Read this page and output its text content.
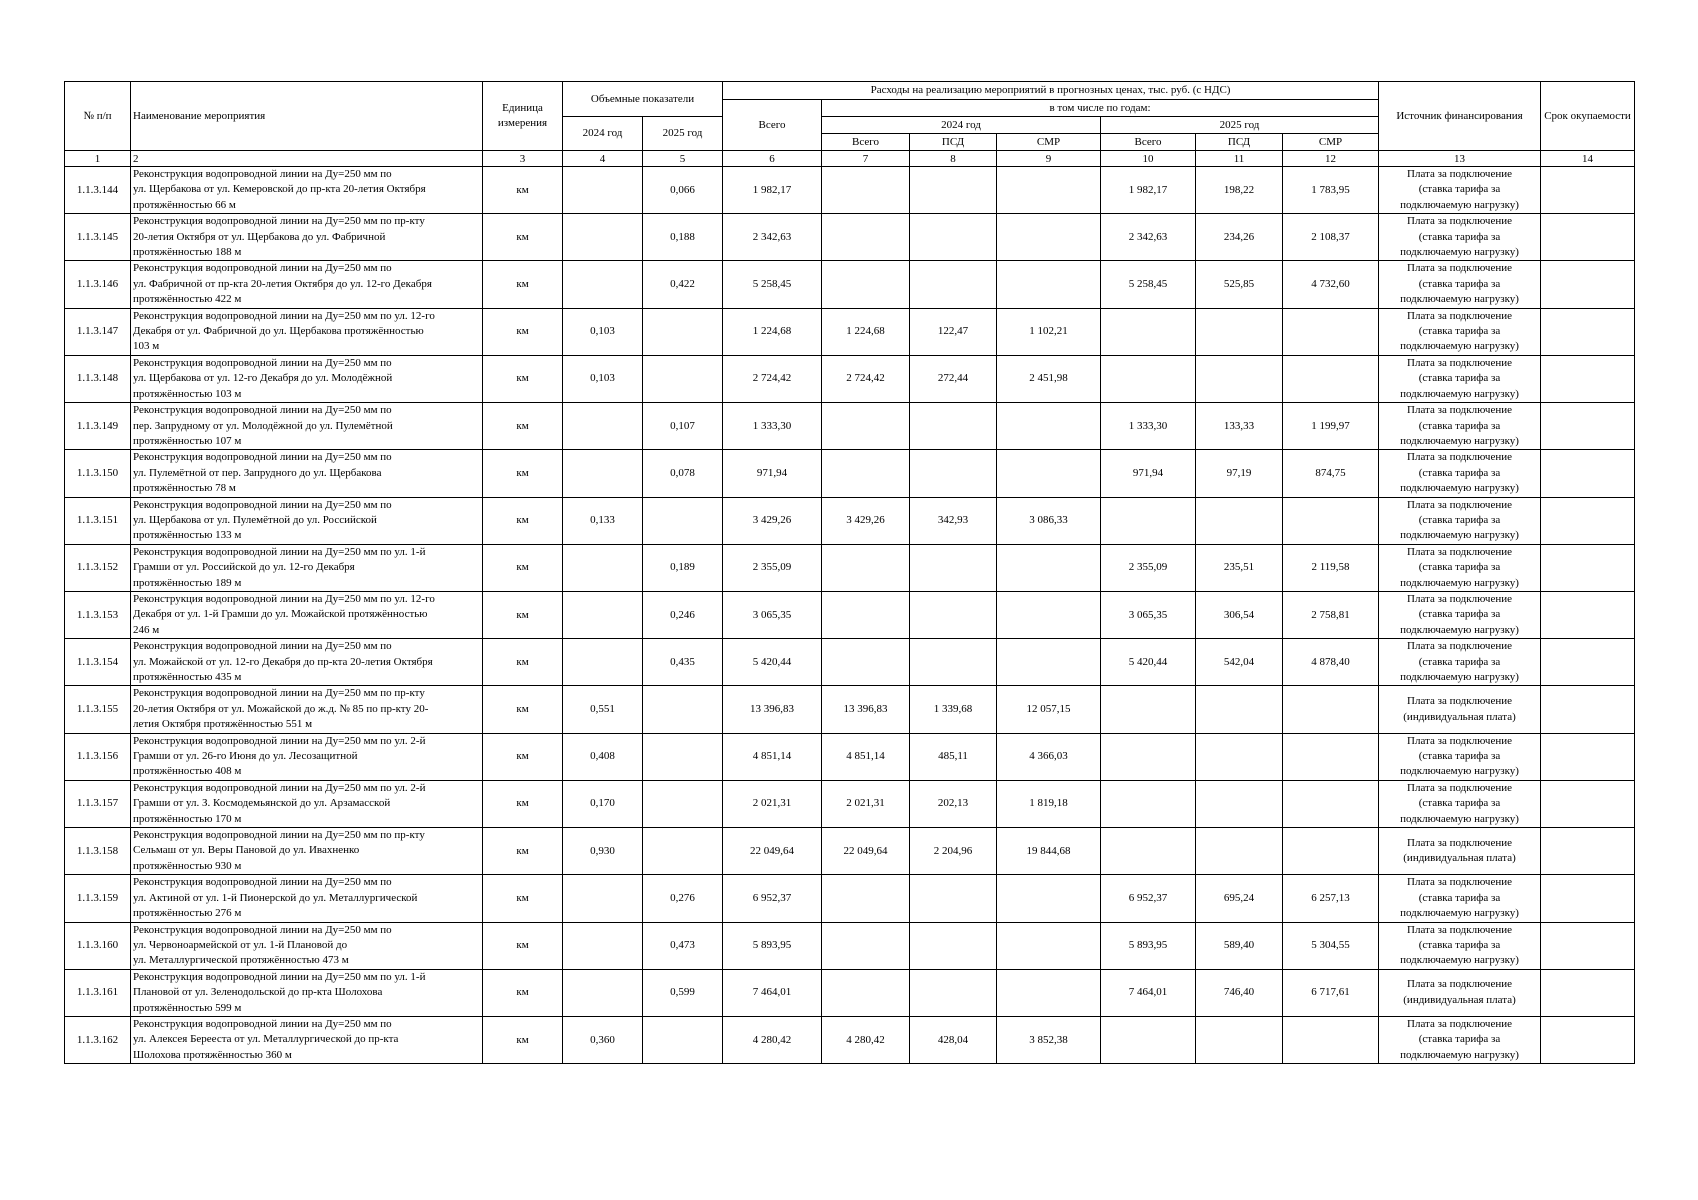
№ п/п	Наименование мероприятия	Единица измерения	Объемные показатели		Расходы на реализацию мероприятий в прогнозных ценах, тыс. руб. (с НДС)							Источник финансирования	Срок окупаемости
					Всего	в том числе по годам:							
			2024 год	2025 год		2024 год			2025 год				
						Всего	ПСД	СМР	Всего	ПСД	СМР		
1	2	3	4	5	6	7	8	9	10	11	12	13	14
1.1.3.144	Реконструкция водопроводной линии на Ду=250 мм по
ул. Щербакова от ул. Кемеровской до пр-кта 20-летия Октября
протяжённостью 66 м	км		0,066	1 982,17				1 982,17	198,22	1 783,95	Плата за подключение
(ставка тарифа за
подключаемую нагрузку)	
1.1.3.145	Реконструкция водопроводной линии на Ду=250 мм по пр-кту
20-летия Октября от ул. Щербакова до ул. Фабричной
протяжённостью 188 м	км		0,188	2 342,63				2 342,63	234,26	2 108,37	Плата за подключение
(ставка тарифа за
подключаемую нагрузку)	
1.1.3.146	Реконструкция водопроводной линии на Ду=250 мм по
ул. Фабричной от пр-кта 20-летия Октября до ул. 12-го Декабря
протяжённостью 422 м	км		0,422	5 258,45				5 258,45	525,85	4 732,60	Плата за подключение
(ставка тарифа за
подключаемую нагрузку)	
1.1.3.147	Реконструкция водопроводной линии на Ду=250 мм по ул. 12-го
Декабря от ул. Фабричной до ул. Щербакова протяжённостью
103 м	км	0,103		1 224,68	1 224,68	122,47	1 102,21				Плата за подключение
(ставка тарифа за
подключаемую нагрузку)	
1.1.3.148	Реконструкция водопроводной линии на Ду=250 мм по
ул. Щербакова от ул. 12-го Декабря до ул. Молодёжной
протяжённостью 103 м	км	0,103		2 724,42	2 724,42	272,44	2 451,98				Плата за подключение
(ставка тарифа за
подключаемую нагрузку)	
1.1.3.149	Реконструкция водопроводной линии на Ду=250 мм по
пер. Запрудному от ул. Молодёжной до ул. Пулемётной
протяжённостью 107 м	км		0,107	1 333,30				1 333,30	133,33	1 199,97	Плата за подключение
(ставка тарифа за
подключаемую нагрузку)	
1.1.3.150	Реконструкция водопроводной линии на Ду=250 мм по
ул. Пулемётной от пер. Запрудного до ул. Щербакова
протяжённостью 78 м	км		0,078	971,94				971,94	97,19	874,75	Плата за подключение
(ставка тарифа за
подключаемую нагрузку)	
1.1.3.151	Реконструкция водопроводной линии на Ду=250 мм по
ул. Щербакова от ул. Пулемётной до ул. Российской
протяжённостью 133 м	км	0,133		3 429,26	3 429,26	342,93	3 086,33				Плата за подключение
(ставка тарифа за
подключаемую нагрузку)	
1.1.3.152	Реконструкция водопроводной линии на Ду=250 мм по ул. 1-й
Грамши от ул. Российской до ул. 12-го Декабря
протяжённостью 189 м	км		0,189	2 355,09				2 355,09	235,51	2 119,58	Плата за подключение
(ставка тарифа за
подключаемую нагрузку)	
1.1.3.153	Реконструкция водопроводной линии на Ду=250 мм по ул. 12-го
Декабря от ул. 1-й Грамши до ул. Можайской протяжённостью
246 м	км		0,246	3 065,35				3 065,35	306,54	2 758,81	Плата за подключение
(ставка тарифа за
подключаемую нагрузку)	
1.1.3.154	Реконструкция водопроводной линии на Ду=250 мм по
ул. Можайской от ул. 12-го Декабря до пр-кта 20-летия Октября
протяжённостью 435 м	км		0,435	5 420,44				5 420,44	542,04	4 878,40	Плата за подключение
(ставка тарифа за
подключаемую нагрузку)	
1.1.3.155	Реконструкция водопроводной линии на Ду=250 мм по пр-кту
20-летия Октября от ул. Можайской до ж.д. № 85 по пр-кту 20-
летия Октября протяжённостью 551 м	км	0,551		13 396,83	13 396,83	1 339,68	12 057,15				Плата за подключение
(индивидуальная плата)	
1.1.3.156	Реконструкция водопроводной линии на Ду=250 мм по ул. 2-й
Грамши от ул. 26-го Июня до ул. Лесозащитной
протяжённостью 408 м	км	0,408		4 851,14	4 851,14	485,11	4 366,03				Плата за подключение
(ставка тарифа за
подключаемую нагрузку)	
1.1.3.157	Реконструкция водопроводной линии на Ду=250 мм по ул. 2-й
Грамши от ул. З. Космодемьянской до ул. Арзамасской
протяжённостью 170 м	км	0,170		2 021,31	2 021,31	202,13	1 819,18				Плата за подключение
(ставка тарифа за
подключаемую нагрузку)	
1.1.3.158	Реконструкция водопроводной линии на Ду=250 мм по пр-кту
Сельмаш от ул. Веры Пановой до ул. Ивахненко
протяжённостью 930 м	км	0,930		22 049,64	22 049,64	2 204,96	19 844,68				Плата за подключение
(индивидуальная плата)	
1.1.3.159	Реконструкция водопроводной линии на Ду=250 мм по
ул. Актиной от ул. 1-й Пионерской до ул. Металлургической
протяжённостью 276 м	км		0,276	6 952,37				6 952,37	695,24	6 257,13	Плата за подключение
(ставка тарифа за
подключаемую нагрузку)	
1.1.3.160	Реконструкция водопроводной линии на Ду=250 мм по
ул. Червоноармейской от ул. 1-й Плановой до
ул. Металлургической протяжённостью 473 м	км		0,473	5 893,95				5 893,95	589,40	5 304,55	Плата за подключение
(ставка тарифа за
подключаемую нагрузку)	
1.1.3.161	Реконструкция водопроводной линии на Ду=250 мм по ул. 1-й
Плановой от ул. Зеленодольской до пр-кта Шолохова
протяжённостью 599 м	км		0,599	7 464,01				7 464,01	746,40	6 717,61	Плата за подключение
(индивидуальная плата)	
1.1.3.162	Реконструкция водопроводной линии на Ду=250 мм по
ул. Алексея Берееста от ул. Металлургической до пр-кта
Шолохова протяжённостью 360 м	км	0,360		4 280,42	4 280,42	428,04	3 852,38				Плата за подключение
(ставка тарифа за
подключаемую нагрузку)	
